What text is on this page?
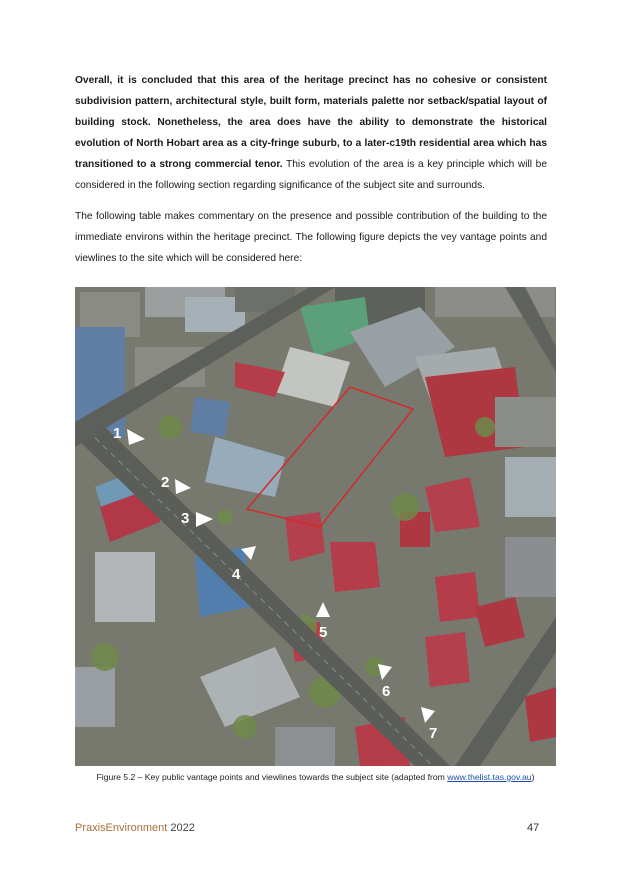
Overall, it is concluded that this area of the heritage precinct has no cohesive or consistent subdivision pattern, architectural style, built form, materials palette nor setback/spatial layout of building stock. Nonetheless, the area does have the ability to demonstrate the historical evolution of North Hobart area as a city-fringe suburb, to a later-c19th residential area which has transitioned to a strong commercial tenor. This evolution of the area is a key principle which will be considered in the following section regarding significance of the subject site and surrounds.

The following table makes commentary on the presence and possible contribution of the building to the immediate environs within the heritage precinct. The following figure depicts the vey vantage points and viewlines to the site which will be considered here:

1
2
3
4
5
6
7
Figure 5.2 – Key public vantage points and viewlines towards the subject site (adapted from www.thelist.tas.gov.au)
PraxisEnvironment 2022	47
